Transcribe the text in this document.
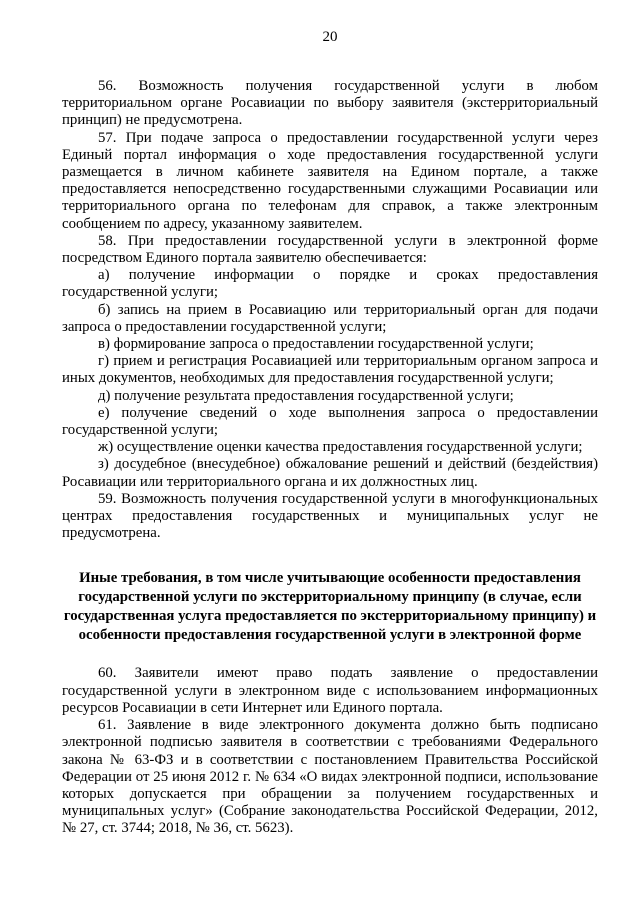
20

56. Возможность получения государственной услуги в любом территориальном органе Росавиации по выбору заявителя (экстерриториальный принцип) не предусмотрена.

57. При подаче запроса о предоставлении государственной услуги через Единый портал информация о ходе предоставления государственной услуги размещается в личном кабинете заявителя на Едином портале, а также предоставляется непосредственно государственными служащими Росавиации или территориального органа по телефонам для справок, а также электронным сообщением по адресу, указанному заявителем.

58. При предоставлении государственной услуги в электронной форме посредством Единого портала заявителю обеспечивается:

а) получение информации о порядке и сроках предоставления государственной услуги;

б) запись на прием в Росавиацию или территориальный орган для подачи запроса о предоставлении государственной услуги;

в) формирование запроса о предоставлении государственной услуги;

г) прием и регистрация Росавиацией или территориальным органом запроса и иных документов, необходимых для предоставления государственной услуги;

д) получение результата предоставления государственной услуги;

е) получение сведений о ходе выполнения запроса о предоставлении государственной услуги;

ж) осуществление оценки качества предоставления государственной услуги;

з) досудебное (внесудебное) обжалование решений и действий (бездействия) Росавиации или территориального органа и их должностных лиц.

59. Возможность получения государственной услуги в многофункциональных центрах предоставления государственных и муниципальных услуг не предусмотрена.

Иные требования, в том числе учитывающие особенности предоставления государственной услуги по экстерриториальному принципу (в случае, если государственная услуга предоставляется по экстерриториальному принципу) и особенности предоставления государственной услуги в электронной форме

60. Заявители имеют право подать заявление о предоставлении государственной услуги в электронном виде с использованием информационных ресурсов Росавиации в сети Интернет или Единого портала.

61. Заявление в виде электронного документа должно быть подписано электронной подписью заявителя в соответствии с требованиями Федерального закона № 63-ФЗ и в соответствии с постановлением Правительства Российской Федерации от 25 июня 2012 г. № 634 «О видах электронной подписи, использование которых допускается при обращении за получением государственных и муниципальных услуг» (Собрание законодательства Российской Федерации, 2012, № 27, ст. 3744; 2018, № 36, ст. 5623).
